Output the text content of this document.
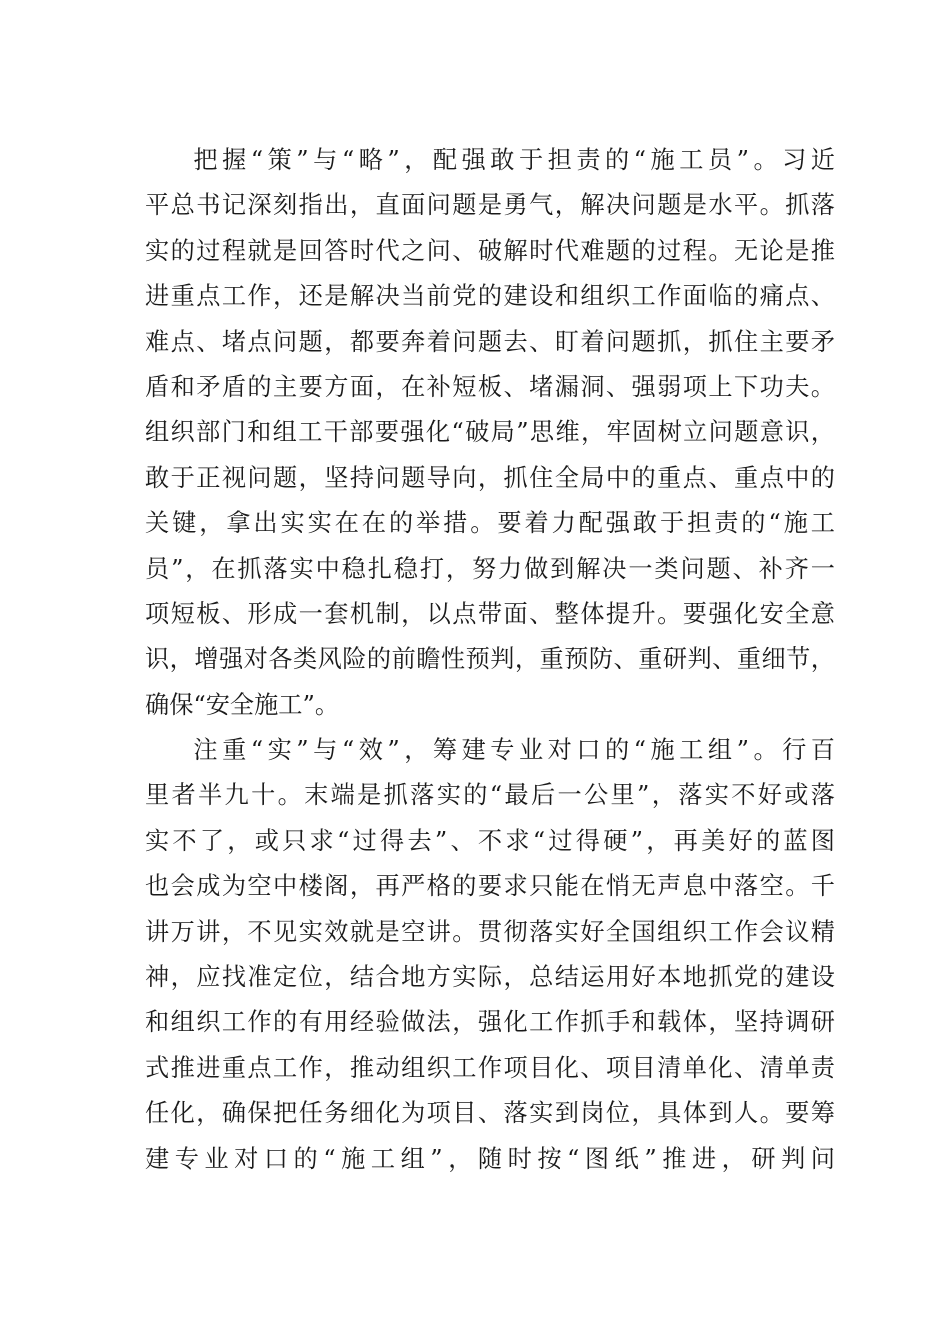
把握“策”与“略”，配强敢于担责的“施工员”。习近
平总书记深刻指出，直面问题是勇气，解决问题是水平。抓落
实的过程就是回答时代之问、破解时代难题的过程。无论是推
进重点工作，还是解决当前党的建设和组织工作面临的痛点、
难点、堵点问题，都要奔着问题去、盯着问题抓，抓住主要矛
盾和矛盾的主要方面，在补短板、堵漏洞、强弱项上下功夫。
组织部门和组工干部要强化“破局”思维，牢固树立问题意识，
敢于正视问题，坚持问题导向，抓住全局中的重点、重点中的
关键，拿出实实在在的举措。要着力配强敢于担责的“施工
员”，在抓落实中稳扎稳打，努力做到解决一类问题、补齐一
项短板、形成一套机制，以点带面、整体提升。要强化安全意
识，增强对各类风险的前瞻性预判，重预防、重研判、重细节，
确保“安全施工”。
注重“实”与“效”，筹建专业对口的“施工组”。行百
里者半九十。末端是抓落实的“最后一公里”，落实不好或落
实不了，或只求“过得去”、不求“过得硬”，再美好的蓝图
也会成为空中楼阁，再严格的要求只能在悄无声息中落空。千
讲万讲，不见实效就是空讲。贯彻落实好全国组织工作会议精
神，应找准定位，结合地方实际，总结运用好本地抓党的建设
和组织工作的有用经验做法，强化工作抓手和载体，坚持调研
式推进重点工作，推动组织工作项目化、项目清单化、清单责
任化，确保把任务细化为项目、落实到岗位，具体到人。要筹
建专业对口的“施工组”，随时按“图纸”推进，研判问
